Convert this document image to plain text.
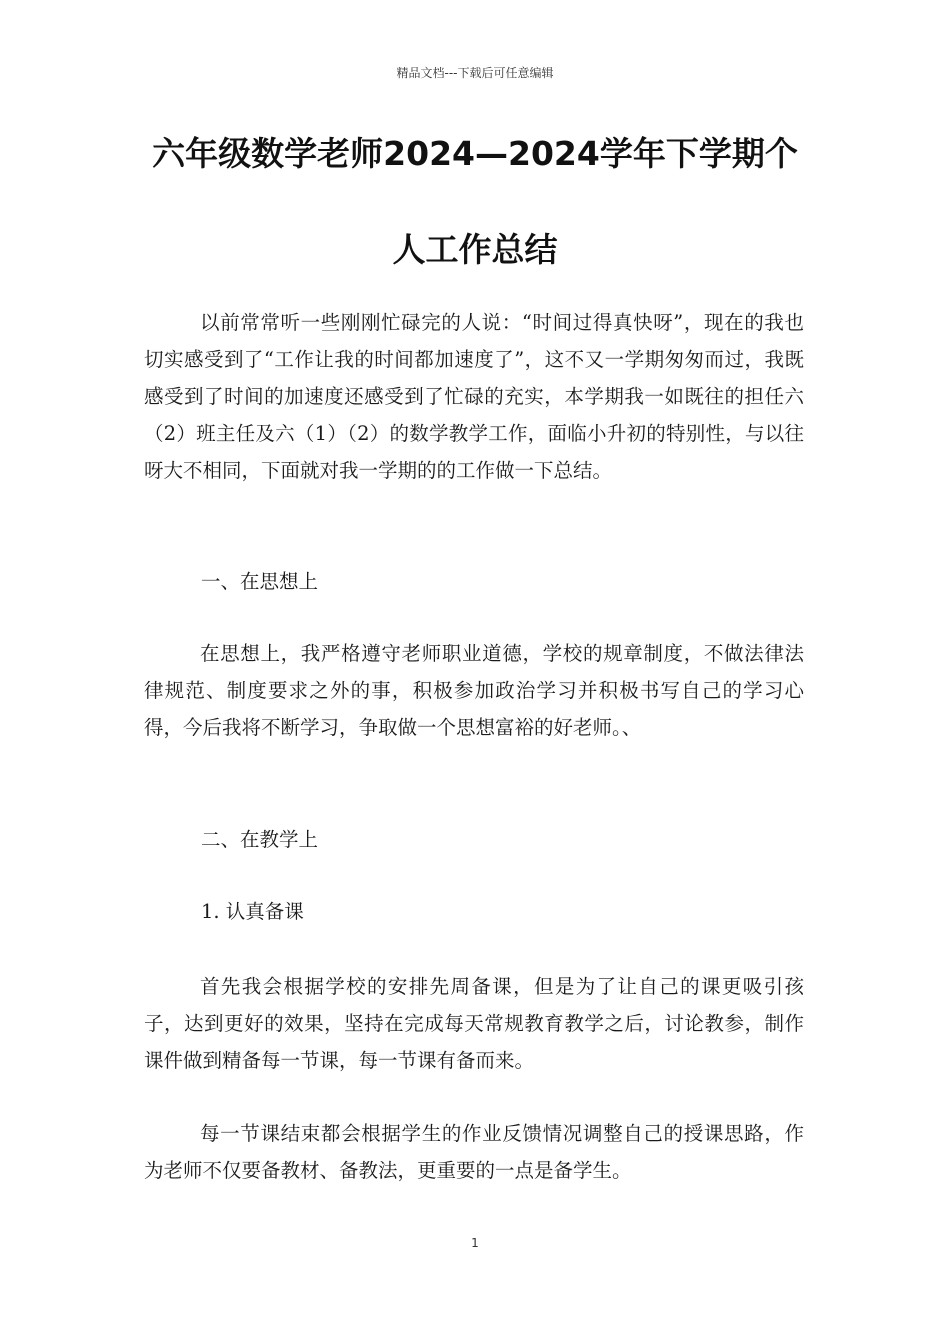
精品文档---下载后可任意编辑
六年级数学老师2024—2024学年下学期个
人工作总结

以前常常听一些刚刚忙碌完的人说：“时间过得真快呀”，现在的我也切实感受到了“工作让我的时间都加速度了”，这不又一学期匆匆而过，我既感受到了时间的加速度还感受到了忙碌的充实，本学期我一如既往的担任六（2）班主任及六（1）（2）的数学教学工作，面临小升初的特别性，与以往呀大不相同，下面就对我一学期的的工作做一下总结。

一、在思想上

在思想上，我严格遵守老师职业道德，学校的规章制度，不做法律法律规范、制度要求之外的事，积极参加政治学习并积极书写自己的学习心得，今后我将不断学习，争取做一个思想富裕的好老师。、

二、在教学上

1. 认真备课

首先我会根据学校的安排先周备课，但是为了让自己的课更吸引孩子，达到更好的效果，坚持在完成每天常规教育教学之后，讨论教参，制作课件做到精备每一节课，每一节课有备而来。

每一节课结束都会根据学生的作业反馈情况调整自己的授课思路，作为老师不仅要备教材、备教法，更重要的一点是备学生。

1
